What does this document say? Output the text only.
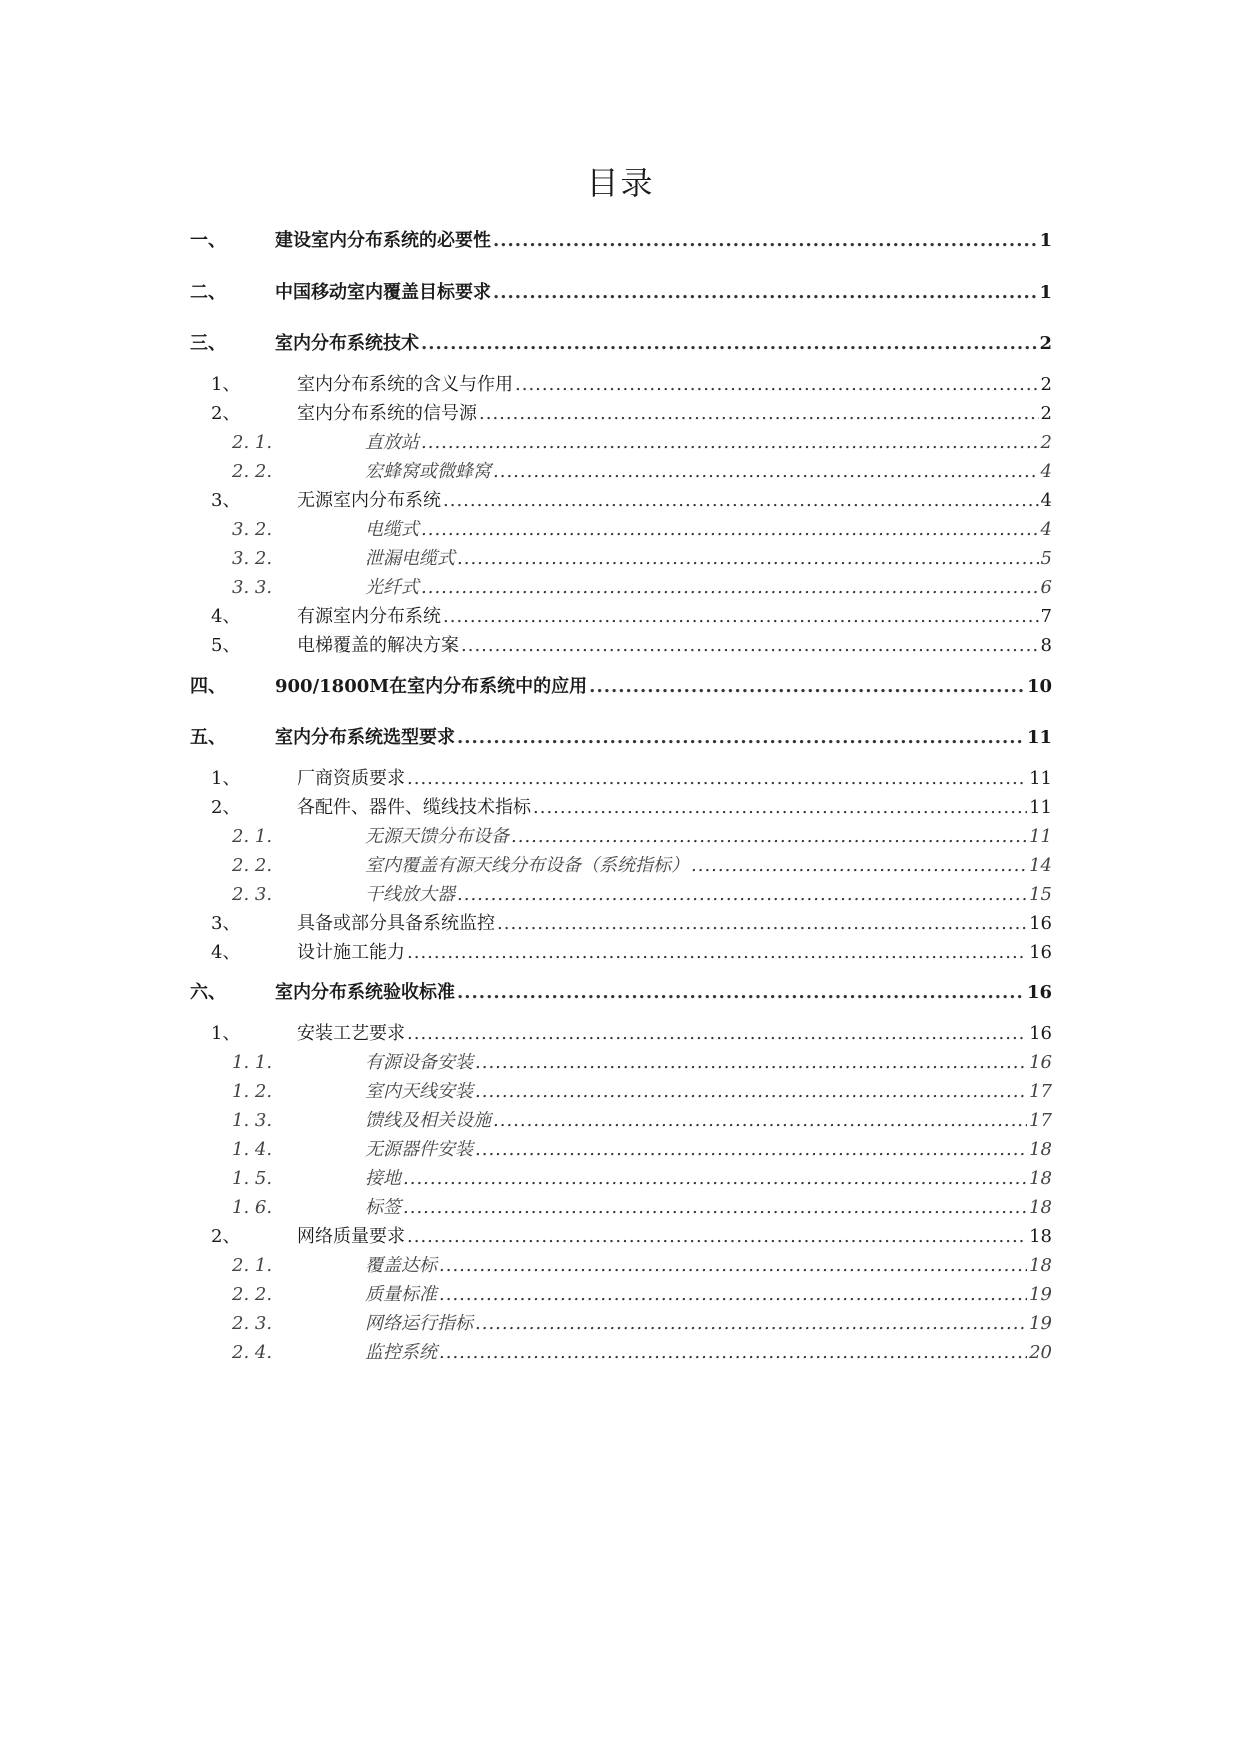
目录
一、	建设室内分布系统的必要性 .....	1
二、	中国移动室内覆盖目标要求 .....	1
三、	室内分布系统技术 .....	2
1、	室内分布系统的含义与作用 .....	2
2、	室内分布系统的信号源 .....	2
2. 1.	直放站 .....	2
2. 2.	宏蜂窝或微蜂窝 .....	4
3、	无源室内分布系统 .....	4
3. 2.	电缆式 .....	4
3. 2.	泄漏电缆式 .....	5
3. 3.	光纤式 .....	6
4、	有源室内分布系统 .....	7
5、	电梯覆盖的解决方案 .....	8
四、	900/1800M在室内分布系统中的应用 .....	10
五、	室内分布系统选型要求 .....	11
1、	厂商资质要求 .....	11
2、	各配件、器件、缆线技术指标 .....	11
2. 1.	无源天馈分布设备 .....	11
2. 2.	室内覆盖有源天线分布设备（系统指标） .....	14
2. 3.	干线放大器 .....	15
3、	具备或部分具备系统监控 .....	16
4、	设计施工能力 .....	16
六、	室内分布系统验收标准 .....	16
1、	安装工艺要求 .....	16
1. 1.	有源设备安装 .....	16
1. 2.	室内天线安装 .....	17
1. 3.	馈线及相关设施 .....	17
1. 4.	无源器件安装 .....	18
1. 5.	接地 .....	18
1. 6.	标签 .....	18
2、	网络质量要求 .....	18
2. 1.	覆盖达标 .....	18
2. 2.	质量标准 .....	19
2. 3.	网络运行指标 .....	19
2. 4.	监控系统 .....	20
